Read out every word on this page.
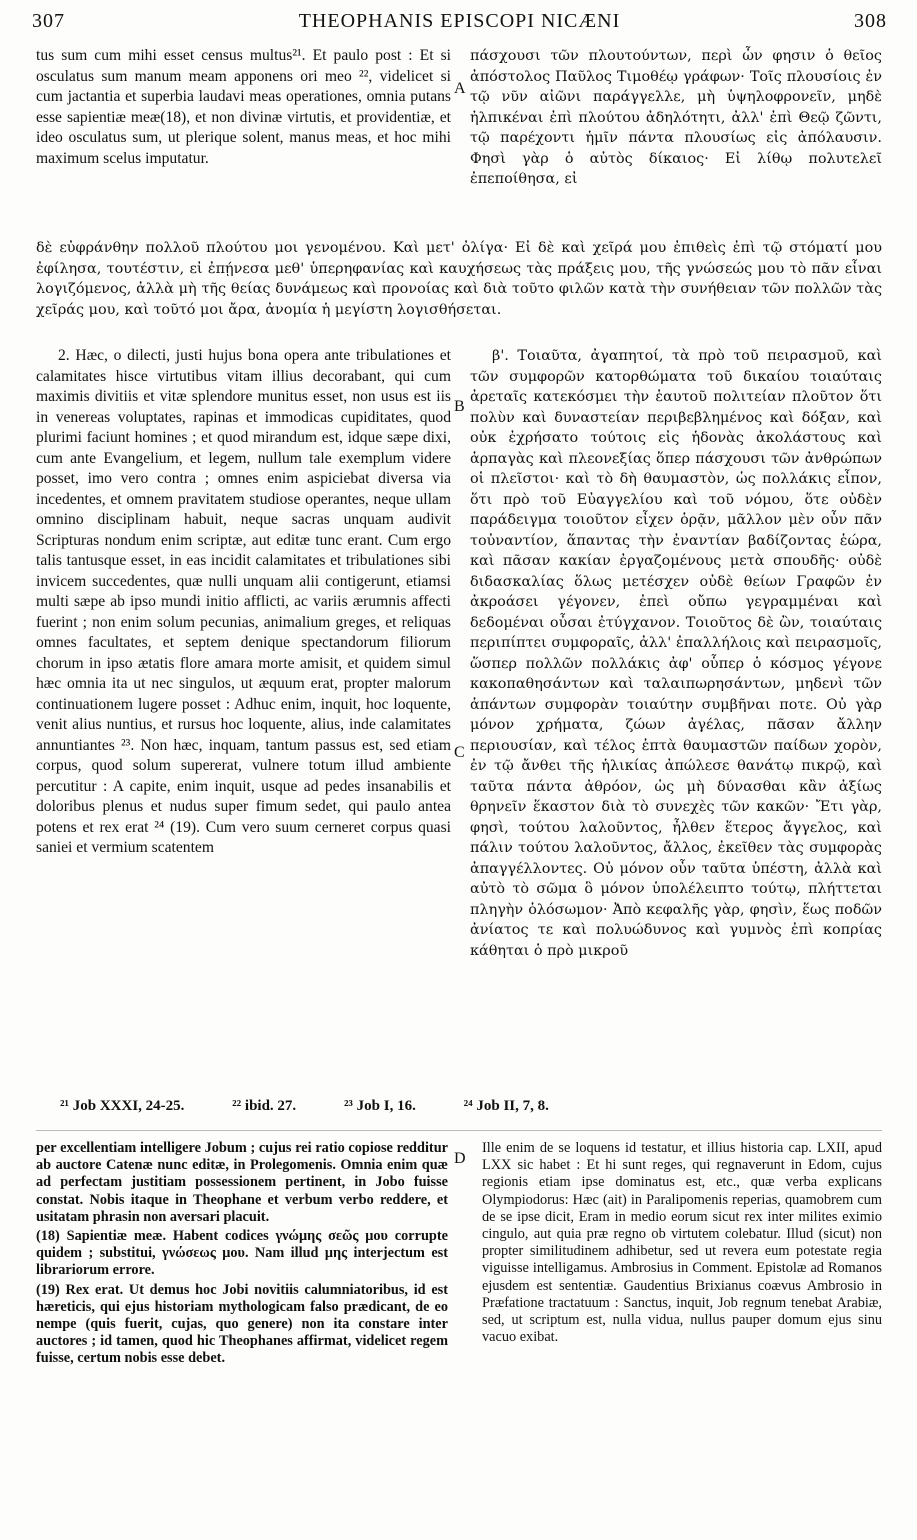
307	THEOPHANIS EPISCOPI NICÆNI	308
A
B
C
D

tus sum cum mihi esset census multus²¹. Et paulo post : Et si osculatus sum manum meam apponens ori meo ²², videlicet si cum jactantia et superbia laudavi meas operationes, omnia putans esse sapientiæ meæ(18), et non divinæ virtutis, et providentiæ, et ideo osculatus sum, ut plerique solent, manus meas, et hoc mihi maximum scelus imputatur.

πάσχουσι τῶν πλουτούντων, περὶ ὧν φησιν ὁ θεῖος ἀπόστολος Παῦλος Τιμοθέῳ γράφων· Τοῖς πλουσίοις ἐν τῷ νῦν αἰῶνι παράγγελλε, μὴ ὑψηλοφρονεῖν, μηδὲ ἠλπικέναι ἐπὶ πλούτου ἀδηλότητι, ἀλλ' ἐπὶ Θεῷ ζῶντι, τῷ παρέχοντι ἡμῖν πάντα πλουσίως εἰς ἀπόλαυσιν. Φησὶ γὰρ ὁ αὐτὸς δίκαιος· Εἰ λίθῳ πολυτελεῖ ἐπεποίθησα, εἰ

δὲ εὐφράνθην πολλοῦ πλούτου μοι γενομένου. Καὶ μετ' ὀλίγα· Εἰ δὲ καὶ χεῖρά μου ἐπιθεὶς ἐπὶ τῷ στόματί μου ἐφίλησα, τουτέστιν, εἰ ἐπῄνεσα μεθ' ὑπερηφανίας καὶ καυχήσεως τὰς πράξεις μου, τῆς γνώσεώς μου τὸ πᾶν εἶναι λογιζόμενος, ἀλλὰ μὴ τῆς θείας δυνάμεως καὶ προνοίας καὶ διὰ τοῦτο φιλῶν κατὰ τὴν συνήθειαν τῶν πολλῶν τὰς χεῖράς μου, καὶ τοῦτό μοι ἄρα, ἀνομία ἡ μεγίστη λογισθήσεται.

2. Hæc, o dilecti, justi hujus bona opera ante tribulationes et calamitates hisce virtutibus vitam illius decorabant, qui cum maximis divitiis et vitæ splendore munitus esset, non usus est iis in venereas voluptates, rapinas et immodicas cupiditates, quod plurimi faciunt homines ; et quod mirandum est, idque sæpe dixi, cum ante Evangelium, et legem, nullum tale exemplum videre posset, imo vero contra ; omnes enim aspiciebat diversa via incedentes, et omnem pravitatem studiose operantes, neque ullam omnino disciplinam habuit, neque sacras unquam audivit Scripturas nondum enim scriptæ, aut editæ tunc erant. Cum ergo talis tantusque esset, in eas incidit calamitates et tribulationes sibi invicem succedentes, quæ nulli unquam alii contigerunt, etiamsi multi sæpe ab ipso mundi initio afflicti, ac variis ærumnis affecti fuerint ; non enim solum pecunias, animalium greges, et reliquas omnes facultates, et septem denique spectandorum filiorum chorum in ipso ætatis flore amara morte amisit, et quidem simul hæc omnia ita ut nec singulos, ut æquum erat, propter malorum continuationem lugere posset : Adhuc enim, inquit, hoc loquente, venit alius nuntius, et rursus hoc loquente, alius, inde calamitates annuntiantes ²³. Non hæc, inquam, tantum passus est, sed etiam corpus, quod solum supererat, vulnere totum illud ambiente percutitur : A capite, enim inquit, usque ad pedes insanabilis et doloribus plenus et nudus super fimum sedet, qui paulo antea potens et rex erat ²⁴ (19). Cum vero suum cerneret corpus quasi saniei et vermium scatentem

β'. Τοιαῦτα, ἀγαπητοί, τὰ πρὸ τοῦ πειρασμοῦ, καὶ τῶν συμφορῶν κατορθώματα τοῦ δικαίου τοιαύταις ἀρεταῖς κατεκόσμει τὴν ἑαυτοῦ πολιτείαν πλοῦτον ὅτι πολὺν καὶ δυναστείαν περιβεβλημένος καὶ δόξαν, καὶ οὐκ ἐχρήσατο τούτοις εἰς ἡδονὰς ἀκολάστους καὶ ἁρπαγὰς καὶ πλεονεξίας ὅπερ πάσχουσι τῶν ἀνθρώπων οἱ πλεῖστοι· καὶ τὸ δὴ θαυμαστὸν, ὡς πολλάκις εἶπον, ὅτι πρὸ τοῦ Εὐαγγελίου καὶ τοῦ νόμου, ὅτε οὐδὲν παράδειγμα τοιοῦτον εἶχεν ὁρᾷν, μᾶλλον μὲν οὖν πᾶν τοὐναντίον, ἅπαντας τὴν ἐναντίαν βαδίζοντας ἑώρα, καὶ πᾶσαν κακίαν ἐργαζομένους μετὰ σπουδῆς· οὐδὲ διδασκαλίας ὅλως μετέσχεν οὐδὲ θείων Γραφῶν ἐν ἀκροάσει γέγονεν, ἐπεὶ οὔπω γεγραμμέναι καὶ δεδομέναι οὖσαι ἐτύγχανον. Τοιοῦτος δὲ ὢν, τοιαύταις περιπίπτει συμφοραῖς, ἀλλ' ἐπαλλήλοις καὶ πειρασμοῖς, ὥσπερ πολλῶν πολλάκις ἀφ' οὗπερ ὁ κόσμος γέγονε κακοπαθησάντων καὶ ταλαιπωρησάντων, μηδενὶ τῶν ἁπάντων συμφορὰν τοιαύτην συμβῆναι ποτε. Οὐ γὰρ μόνον χρήματα, ζώων ἀγέλας, πᾶσαν ἄλλην περιουσίαν, καὶ τέλος ἑπτὰ θαυμαστῶν παίδων χορὸν, ἐν τῷ ἄνθει τῆς ἡλικίας ἀπώλεσε θανάτῳ πικρῷ, καὶ ταῦτα πάντα ἀθρόον, ὡς μὴ δύνασθαι κἂν ἀξίως θρηνεῖν ἕκαστον διὰ τὸ συνεχὲς τῶν κακῶν· Ἔτι γὰρ, φησὶ, τούτου λαλοῦντος, ἦλθεν ἕτερος ἄγγελος, καὶ πάλιν τούτου λαλοῦντος, ἄλλος, ἐκεῖθεν τὰς συμφορὰς ἀπαγγέλλοντες. Οὐ μόνον οὖν ταῦτα ὑπέστη, ἀλλὰ καὶ αὐτὸ τὸ σῶμα ὃ μόνον ὑπολέλειπτο τούτῳ, πλήττεται πληγὴν ὁλόσωμον· Ἀπὸ κεφαλῆς γὰρ, φησὶν, ἕως ποδῶν ἀνίατος τε καὶ πολυώδυνος καὶ γυμνὸς ἐπὶ κοπρίας κάθηται ὁ πρὸ μικροῦ

²¹ Job XXXI, 24-25.	²² ibid. 27.	²³ Job I, 16.	²⁴ Job II, 7, 8.

per excellentiam intelligere Jobum ; cujus rei ratio copiose redditur ab auctore Catenæ nunc editæ, in Prolegomenis. Omnia enim quæ ad perfectam justitiam possessionem pertinent, in Jobo fuisse constat. Nobis itaque in Theophane et verbum verbo reddere, et usitatam phrasin non aversari placuit.

(18) Sapientiæ meæ. Habent codices γνώμης σεῶς μου corrupte quidem ; substitui, γνώσεως μου. Nam illud μης interjectum est librariorum errore.

(19) Rex erat. Ut demus hoc Jobi novitiis calumniatoribus, id est hæreticis, qui ejus historiam mythologicam falso prædicant, de eo nempe (quis fuerit, cujas, quo genere) non ita constare inter auctores ; id tamen, quod hic Theophanes affirmat, videlicet regem fuisse, certum nobis esse debet.

Ille enim de se loquens id testatur, et illius historia cap. LXII, apud LXX sic habet : Et hi sunt reges, qui regnaverunt in Edom, cujus regionis etiam ipse dominatus est, etc., quæ verba explicans Olympiodorus: Hæc (ait) in Paralipomenis reperias, quamobrem cum de se ipse dicit, Eram in medio eorum sicut rex inter milites eximio cingulo, aut quia præ regno ob virtutem colebatur. Illud (sicut) non propter similitudinem adhibetur, sed ut revera eum potestate regia viguisse intelligamus. Ambrosius in Comment. Epistolæ ad Romanos ejusdem est sententiæ. Gaudentius Brixianus coævus Ambrosio in Præfatione tractatuum : Sanctus, inquit, Job regnum tenebat Arabiæ, sed, ut scriptum est, nulla vidua, nullus pauper domum ejus sinu vacuo exibat.
